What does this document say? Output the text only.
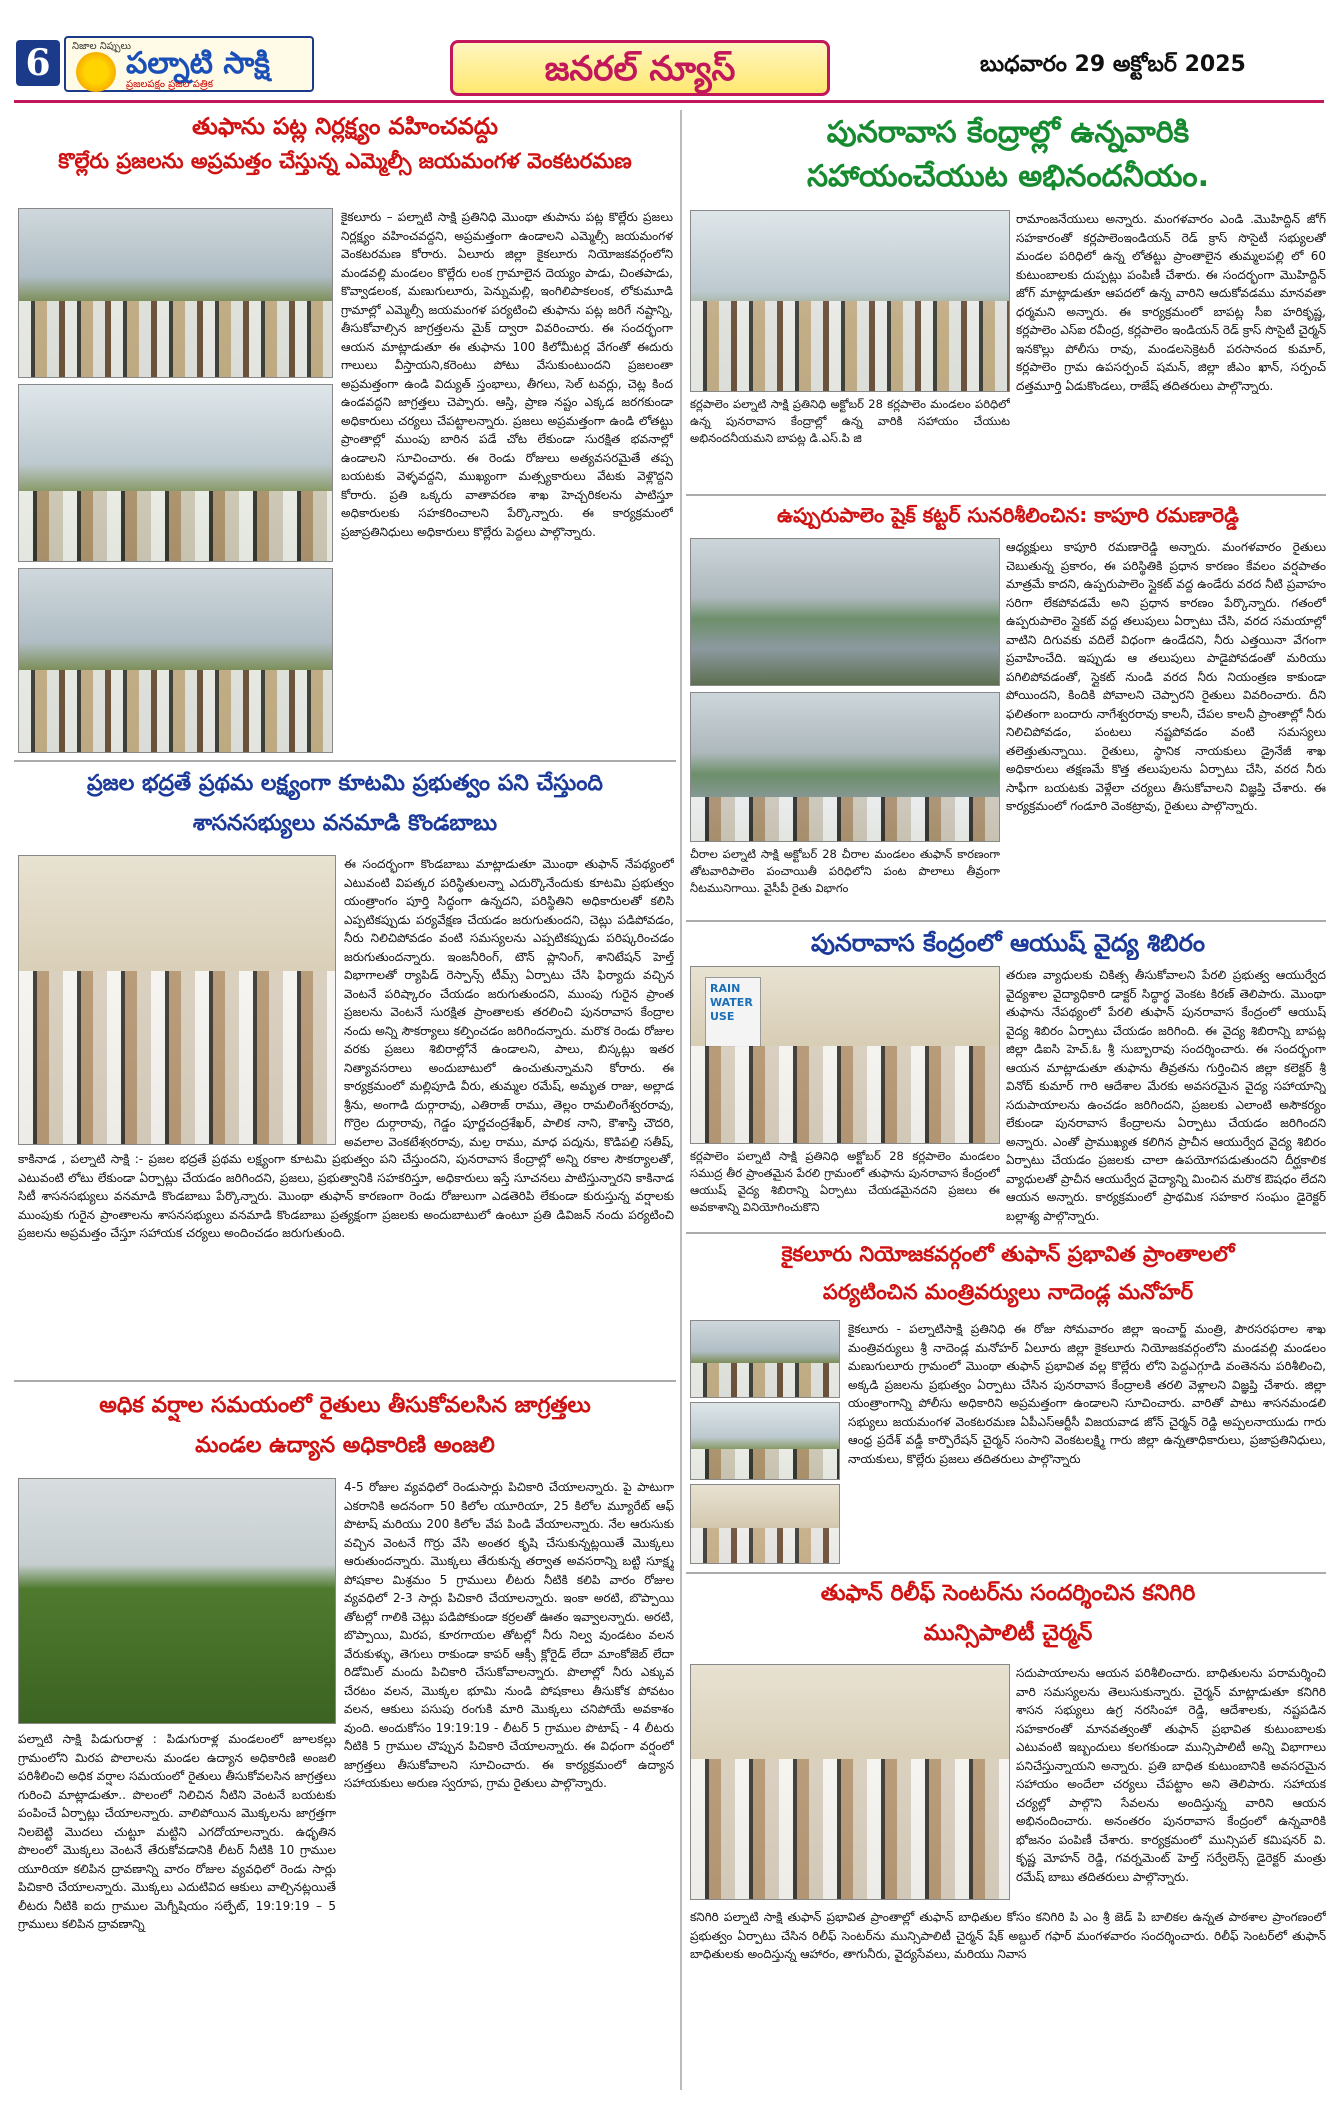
6	నిజాల నిప్పులు
పల్నాటి సాక్షి
ప్రజలపక్షం ప్రజల పత్రిక	జనరల్ న్యూస్	బుధవారం 29 అక్టోబర్ 2025
తుఫాను పట్ల నిర్లక్ష్యం వహించవద్దు
కొల్లేరు ప్రజలను అప్రమత్తం చేస్తున్న ఎమ్మెల్సీ జయమంగళ వెంకటరమణ
కైకలూరు – పల్నాటి సాక్షి ప్రతినిధి మొంథా తుపాను పట్ల కొల్లేరు ప్రజలు నిర్లక్ష్యం వహించవద్దని, అప్రమత్తంగా ఉండాలని ఎమ్మెల్సీ జయమంగళ వెంకటరమణ కోరారు. ఏలూరు జిల్లా కైకలూరు నియోజకవర్గంలోని మండవల్లి మండలం కొల్లేరు లంక గ్రామాలైన దెయ్యం పాడు, చింతపాడు, కొవ్వాడలంక, మణుగులూరు, పెన్నుమల్లి, ఇంగిలిపాకలంక, లోకుమూడి గ్రామాల్లో ఎమ్మెల్సీ జయమంగళ పర్యటించి తుఫాను పట్ల జరిగే నష్టాన్ని, తీసుకోవాల్సిన జాగ్రత్తలను మైక్ ద్వారా వివరించారు. ఈ సందర్భంగా ఆయన మాట్లాడుతూ ఈ తుఫాను 100 కిలోమీటర్ల వేగంతో ఈదురు గాలులు వీస్తాయని,కరెంటు పోటు వేసుకుంటుందని ప్రజలంతా అప్రమత్తంగా ఉండి విద్యుత్ స్తంభాలు, తీగలు, సెల్ టవర్లు, చెట్ల కింద ఉండవద్దని జాగ్రత్తలు చెప్పారు. ఆస్తి, ప్రాణ నష్టం ఎక్కడ జరగకుండా అధికారులు చర్యలు చేపట్టాలన్నారు. ప్రజలు అప్రమత్తంగా ఉండి లోతట్టు ప్రాంతాల్లో ముంపు బారిన పడే చోట లేకుండా సురక్షిత భవనాల్లో ఉండాలని సూచించారు. ఈ రెండు రోజులు అత్యవసరమైతే తప్ప బయటకు వెళ్ళవద్దని, ముఖ్యంగా మత్స్యకారులు వేటకు వెళ్లొద్దని కోరారు. ప్రతి ఒక్కరు వాతావరణ శాఖ హెచ్చరికలను పాటిస్తూ అధికారులకు సహకరించాలని పేర్కొన్నారు. ఈ కార్యక్రమంలో ప్రజాప్రతినిధులు అధికారులు కొల్లేరు పెద్దలు పాల్గొన్నారు.
ప్రజల భద్రతే ప్రథమ లక్ష్యంగా కూటమి ప్రభుత్వం పని చేస్తుంది
శాసనసభ్యులు వనమాడి కొండబాబు
ఈ సందర్భంగా కొండబాబు మాట్లాడుతూ మొంథా తుఫాన్ నేపథ్యంలో ఎటువంటి విపత్కర పరిస్థితులన్నా ఎదుర్కొనేందుకు కూటమి ప్రభుత్వం యంత్రాంగం పూర్తి సిద్ధంగా ఉన్నదని, పరిస్థితిని అధికారులతో కలిసి ఎప్పటికప్పుడు పర్యవేక్షణ చేయడం జరుగుతుందని, చెట్లు పడిపోవడం, నీరు నిలిచిపోవడం వంటి సమస్యలను ఎప్పటికప్పుడు పరిష్కరించడం జరుగుతుందన్నారు. ఇంజనీరింగ్, టౌన్ ప్లానింగ్, శానిటేషన్ హెల్త్ విభాగాలతో ర్యాపిడ్ రెస్పాన్స్ టీమ్స్ ఏర్పాటు చేసి ఫిర్యాదు వచ్చిన వెంటనే పరిష్కారం చేయడం జరుగుతుందని, ముంపు గురైన ప్రాంత ప్రజలను వెంటనే సురక్షిత ప్రాంతాలకు తరలించి పునరావాస కేంద్రాల నందు అన్ని సౌకర్యాలు కల్పించడం జరిగిందన్నారు. మరొక రెండు రోజుల వరకు ప్రజలు శిబిరాల్లోనే ఉండాలని, పాలు, బిస్కట్లు ఇతర నిత్యావసరాలు అందుబాటులో ఉంచుతున్నామని కోరారు. ఈ కార్యక్రమంలో మల్లిపూడి వీరు, తుమ్మల రమేష్, అమృత రాజు, అల్లాడ శ్రీను, అంగాడి దుర్గారావు, ఎతిరాజ్ రాము, తెల్లం రామలింగేశ్వరరావు, గొర్రెల దుర్గారావు, గెడ్డం పూర్ణచంద్రశేఖర్, పాలిక నాని, కౌశాస్తి చౌదరి, అవలాల వెంకటేశ్వరరావు, మల్ల రాము, మాధ పద్మను, కొడిపల్లి సతీష్,
కాకినాడ , పల్నాటి సాక్షి :- ప్రజల భద్రతే ప్రథమ లక్ష్యంగా కూటమి ప్రభుత్వం పని చేస్తుందని, పునరావాస కేంద్రాల్లో అన్ని రకాల సౌకర్యాలతో, ఎటువంటి లోటు లేకుండా ఏర్పాట్లు చేయడం జరిగిందని, ప్రజలు, ప్రభుత్వానికి సహకరిస్తూ, అధికారులు ఇస్తే సూచనలు పాటిస్తున్నారని కాకినాడ సిటీ శాసనసభ్యులు వనమాడి కొండబాబు పేర్కొన్నారు. మొంథా తుఫాన్ కారణంగా రెండు రోజులుగా ఎడతెరిపి లేకుండా కురుస్తున్న వర్షాలకు ముంపుకు గురైన ప్రాంతాలను శాసనసభ్యులు వనమాడి కొండబాబు ప్రత్యక్షంగా ప్రజలకు అందుబాటులో ఉంటూ ప్రతి డివిజన్ నందు పర్యటించి ప్రజలను అప్రమత్తం చేస్తూ సహాయక చర్యలు అందించడం జరుగుతుంది.
అధిక వర్షాల సమయంలో రైతులు తీసుకోవలసిన జాగ్రత్తలు
మండల ఉద్యాన అధికారిణి అంజలి
4-5 రోజుల వ్యవధిలో రెండుసార్లు పిచికారి చేయాలన్నారు. పై పాటుగా ఎకరానికి అదనంగా 50 కిలోల యూరియా, 25 కిలోల మ్యూరేట్ ఆఫ్ పొటాష్ మరియు 200 కిలోల వేప పిండి వేయాలన్నారు. నేల ఆరుసుకు వచ్చిన వెంటనే గొర్రు వేసి అంతర కృషి చేసుకున్నట్లయితే మొక్కలు ఆరుతుందన్నారు. మొక్కలు తేరుకున్న తర్వాత అవసరాన్ని బట్టి సూక్ష్మ పోషకాల మిశ్రమం 5 గ్రాములు లీటరు నీటికి కలిపి వారం రోజుల వ్యవధిలో 2-3 సార్లు పిచికారి చేయాలన్నారు. ఇంకా అరటి, బొప్పాయి తోటల్లో గాలికి చెట్లు పడిపోకుండా కర్రలతో ఊతం ఇవ్వాలన్నారు. అరటి, బొప్పాయి, మిరప, కూరగాయల తోటల్లో నీరు నిల్వ వుండటం వలన వేరుకుళ్ళు, తెగులు రాకుండా కాపర్ ఆక్సీ క్లోరైడ్ లేదా మాంకోజెబ్ లేదా రిడోమిల్ మందు పిచికారి చేసుకోవాలన్నారు. పొలాల్లో నీరు ఎక్కువ చేరటం వలన, మొక్కల భూమి నుండి పోషకాలు తీసుకోక పోవటం వలన, ఆకులు పసుపు రంగుకి మారి మొక్కలు చనిపోయే అవకాశం వుంది. అందుకోసం 19:19:19 - లీటర్ 5 గ్రాముల పొటాష్ - 4 లీటరు నీటికి 5 గ్రాముల చొప్పున పిచికారి చేయాలన్నారు. ఈ విధంగా వర్షంలో జాగ్రత్తలు తీసుకోవాలని సూచించారు. ఈ కార్యక్రమంలో ఉద్యాన సహాయకులు అరుణ స్వరూప, గ్రామ రైతులు పాల్గొన్నారు.
పల్నాటి సాక్షి పిడుగురాళ్ల : పిడుగురాళ్ల మండలంలో జూలకల్లు గ్రామంలోని మిరప పొలాలను మండల ఉద్యాన అధికారిణి అంజలి పరిశీలించి అధిక వర్షాల సమయంలో రైతులు తీసుకోవలసిన జాగ్రత్తలు గురించి మాట్లాడుతూ.. పొలంలో నిలిచిన నీటిని వెంటనే బయటకు పంపించే ఏర్పాట్లు చేయాలన్నారు. వాలిపోయిన మొక్కలను జాగ్రత్తగా నిలబెట్టి మొదలు చుట్టూ మట్టిని ఎగదోయాలన్నారు. ఉధృతిన పొలంలో మొక్కలు వెంటనే తేరుకోవడానికి లీటర్ నీటికి 10 గ్రాముల యూరియా కలిపిన ద్రావణాన్ని వారం రోజుల వ్యవధిలో రెండు సార్లు పిచికారి చేయాలన్నారు. మొక్కలు ఎదుటివిద ఆకులు వాల్చినట్లయితే లీటరు నీటికి ఐదు గ్రాముల మెగ్నీషియం సల్ఫేట్, 19:19:19 – 5 గ్రాములు కలిపిన ద్రావణాన్ని
పునరావాస కేంద్రాల్లో ఉన్నవారికి
సహాయంచేయుట అభినందనీయం.
కర్లపాలెం పల్నాటి సాక్షి ప్రతినిధి అక్టోబర్ 28 కర్లపాలెం మండలం పరిధిలో ఉన్న పునరావాస కేంద్రాల్లో ఉన్న వారికి సహాయం చేయుట అభినందనీయమని బాపట్ల డి.ఎస్.పి జి
రామాంజనేయులు అన్నారు. మంగళవారం ఎండి .మొహిద్దిన్ జోగ్ సహకారంతో కర్లపాలెంఇండియన్ రెడ్ క్రాస్ సొసైటీ సభ్యులతో మండల పరిధిలో ఉన్న లోతట్టు ప్రాంతాలైన తుమ్మలపల్లి లో 60 కుటుంబాలకు దుప్పట్లు పంపిణీ చేశారు. ఈ సందర్భంగా మొహిద్దిన్ జోగ్ మాట్లాడుతూ ఆపదలో ఉన్న వారిని ఆదుకోవడము మానవతా ధర్మమని అన్నారు. ఈ కార్యక్రమంలో బాపట్ల సీఐ హరికృష్ణ, కర్లపాలెం ఎస్ఐ రవీంద్ర, కర్లపాలెం ఇండియన్ రెడ్ క్రాస్ సొసైటీ చైర్మన్ ఇనకొల్లు పోలీసు రావు, మండలసెక్రెటరీ పరసానంద కుమార్, కర్లపాలెం గ్రామ ఉపసర్పంచ్ షమన్, జిల్లా జీఎం ఖాన్, సర్పంచ్ దత్తమూర్తి ఏడుకొండలు, రాజేష్ తదితరులు పాల్గొన్నారు.
ఉప్పురుపాలెం షైక్ కట్టర్ సునరిశీలించిన: కాపూరి రమణారెడ్డి
చీరాల పల్నాటి సాక్షి అక్టోబర్ 28 చీరాల మండలం తుఫాన్ కారణంగా తోటవారిపాలెం పంచాయితీ పరిధిలోని పంట పొలాలు తీవ్రంగా నీటమునిగాయి. వైసీపీ రైతు విభాగం
ఆధ్యక్షులు కాపూరి రమణారెడ్డి అన్నారు. మంగళవారం రైతులు చెబుతున్న ప్రకారం, ఈ పరిస్థితికి ప్రధాన కారణం కేవలం వర్షపాతం మాత్రమే కాదని, ఉప్పరుపాలెం స్లైకట్ వద్ద ఉండేరు వరద నీటి ప్రవాహం సరిగా లేకపోవడమే అని ప్రధాన కారణం పేర్కొన్నారు. గతంలో ఉప్పరుపాలెం స్లైకట్ వద్ద తలుపులు ఏర్పాటు చేసి, వరద సమయాల్లో వాటిని దిగువకు వదిలే విధంగా ఉండేదని, నీరు ఎత్తయినా వేగంగా ప్రవాహించేది. ఇప్పుడు ఆ తలుపులు పాడైపోవడంతో మరియు పగిలిపోవడంతో, స్లైకట్ నుండి వరద నీరు నియంత్రణ కాకుండా పోయిందని, కిందికి పోవాలని చెప్పారని రైతులు వివరించారు. దీని ఫలితంగా బందారు నాగేశ్వరరావు కాలనీ, చేపల కాలనీ ప్రాంతాల్లో నీరు నిలిచిపోవడం, పంటలు నష్టపోవడం వంటి సమస్యలు తలెత్తుతున్నాయి. రైతులు, స్థానిక నాయకులు డ్రైనేజీ శాఖ అధికారులు తక్షణమే కొత్త తలుపులను ఏర్పాటు చేసి, వరద నీరు సాఫీగా బయటకు వెళ్లేలా చర్యలు తీసుకోవాలని విజ్ఞప్తి చేశారు. ఈ కార్యక్రమంలో గండూరి వెంకట్రావు, రైతులు పాల్గొన్నారు.
పునరావాస కేంద్రంలో ఆయుష్ వైద్య శిబిరం
RAIN WATER USE
కర్లపాలెం పల్నాటి సాక్షి ప్రతినిధి అక్టోబర్ 28 కర్లపాలెం మండలం సముద్ర తీర ప్రాంతమైన పేరలి గ్రామంలో తుఫాను పునరావాస కేంద్రంలో ఆయుష్ వైద్య శిబిరాన్ని ఏర్పాటు చేయడమైనదని ప్రజలు ఈ అవకాశాన్ని వినియోగించుకొని
తరుణ వ్యాధులకు చికిత్స తీసుకోవాలని పేరలి ప్రభుత్వ ఆయుర్వేద వైద్యశాల వైద్యాధికారి డాక్టర్ సిద్ధార్థ వెంకట కిరణ్ తెలిపారు. మొంథా తుఫాను నేపథ్యంలో పేరలి తుఫాన్ పునరావాస కేంద్రంలో ఆయుష్ వైద్య శిబిరం ఏర్పాటు చేయడం జరిగింది. ఈ వైద్య శిబిరాన్ని బాపట్ల జిల్లా డిఐసి హెచ్.ఓ శ్రీ సుబ్బారావు సందర్శించారు. ఈ సందర్భంగా ఆయన మాట్లాడుతూ తుఫాను తీవ్రతను గుర్తించిన జిల్లా కలెక్టర్ శ్రీ వినోద్ కుమార్ గారి ఆదేశాల మేరకు అవసరమైన వైద్య సహాయాన్ని సదుపాయాలను ఉంచడం జరిగిందని, ప్రజలకు ఎలాంటి అసౌకర్యం లేకుండా పునరావాస కేంద్రాలను ఏర్పాటు చేయడం జరిగిందని అన్నారు. ఎంతో ప్రాముఖ్యత కలిగిన ప్రాచీన ఆయుర్వేద వైద్య శిబిరం ఏర్పాటు చేయడం ప్రజలకు చాలా ఉపయోగపడుతుందని దీర్ఘకాలిక వ్యాధులతో ప్రాచీన ఆయుర్వేద వైద్యాన్ని మించిన మరొక ఔషధం లేదని ఆయన అన్నారు. కార్యక్రమంలో ప్రాథమిక సహకార సంఘం డైరెక్టర్ బల్లాశ్య పాల్గొన్నారు.
కైకలూరు నియోజకవర్గంలో తుఫాన్ ప్రభావిత ప్రాంతాలలో
పర్యటించిన మంత్రివర్యులు నాదెండ్ల మనోహర్
కైకలూరు - పల్నాటిసాక్షి ప్రతినిధి ఈ రోజు సోమవారం జిల్లా ఇంచార్జ్ మంత్రి, పౌరసరఫరాల శాఖ మంత్రివర్యులు శ్రీ నాదెండ్ల మనోహర్ ఏలూరు జిల్లా కైకలూరు నియోజకవర్గంలోని మండవల్లి మండలం మణుగులూరు గ్రామంలో మొంథా తుఫాన్ ప్రభావిత వల్ల కొల్లేరు లోని పెద్దఎగ్గూడి వంతెనను పరిశీలించి, అక్కడి ప్రజలను ప్రభుత్వం ఏర్పాటు చేసిన పునరావాస కేంద్రాలకి తరలి వెళ్లాలని విజ్ఞప్తి చేశారు. జిల్లా యంత్రాంగాన్ని పోలీసు అధికారిని అప్రమత్తంగా ఉండాలని సూచించారు. వారితో పాటు శాసనమండలి సభ్యులు జయమంగళ వెంకటరమణ ఏపీఎస్ఆర్టీసీ విజయవాడ జోన్ చైర్మన్ రెడ్డి అప్పలనాయుడు గారు ఆంధ్ర ప్రదేశ్ వడ్డీ కార్పొరేషన్ చైర్మన్ సంసాని వెంకటలక్ష్మి గారు జిల్లా ఉన్నతాధికారులు, ప్రజాప్రతినిధులు, నాయకులు, కొల్లేరు ప్రజలు తదితరులు పాల్గొన్నారు
తుఫాన్ రిలీఫ్ సెంటర్‌ను సందర్శించిన కనిగిరి
మున్సిపాలిటీ చైర్మన్
సదుపాయాలను ఆయన పరిశీలించారు. బాధితులను పరామర్శించి వారి సమస్యలను తెలుసుకున్నారు. చైర్మన్ మాట్లాడుతూ కనిగిరి శాసన సభ్యులు ఉగ్ర నరసింహా రెడ్డి, ఆదేశాలకు, నష్టపడిన సహకారంతో మానవత్వంతో తుఫాన్ ప్రభావిత కుటుంబాలకు ఎటువంటి ఇబ్బందులు కలగకుండా మున్సిపాలిటీ అన్ని విభాగాలు పనిచేస్తున్నాయని అన్నారు. ప్రతి బాధిత కుటుంబానికి అవసరమైన సహాయం అందేలా చర్యలు చేపట్టాం అని తెలిపారు. సహాయక చర్యల్లో పాల్గొని సేవలను అందిస్తున్న వారిని ఆయన అభినందించారు. అనంతరం పునరావాస కేంద్రంలో ఉన్నవారికి భోజనం పంపిణీ చేశారు. కార్యక్రమంలో మున్సిపల్ కమిషనర్ వి. కృష్ణ మోహన్ రెడ్డి, గవర్నమెంట్ హెల్త్ సర్వేలెన్స్ డైరెక్టర్ మంత్రు రమేష్ బాబు తదితరులు పాల్గొన్నారు.
కనిగిరి పల్నాటి సాక్షి తుఫాన్ ప్రభావిత ప్రాంతాల్లో తుఫాన్ బాధితుల కోసం కనిగిరి పి ఎం శ్రీ జెడ్ పి బాలికల ఉన్నత పాఠశాల ప్రాంగణంలో ప్రభుత్వం ఏర్పాటు చేసిన రిలీఫ్ సెంటర్‌ను మున్సిపాలిటీ చైర్మన్ షేక్ అబ్దుల్ గఫార్ మంగళవారం సందర్శించారు. రిలీఫ్ సెంటర్‌లో తుఫాన్ బాధితులకు అందిస్తున్న ఆహారం, తాగునీరు, వైద్యసేవలు, మరియు నివాస
